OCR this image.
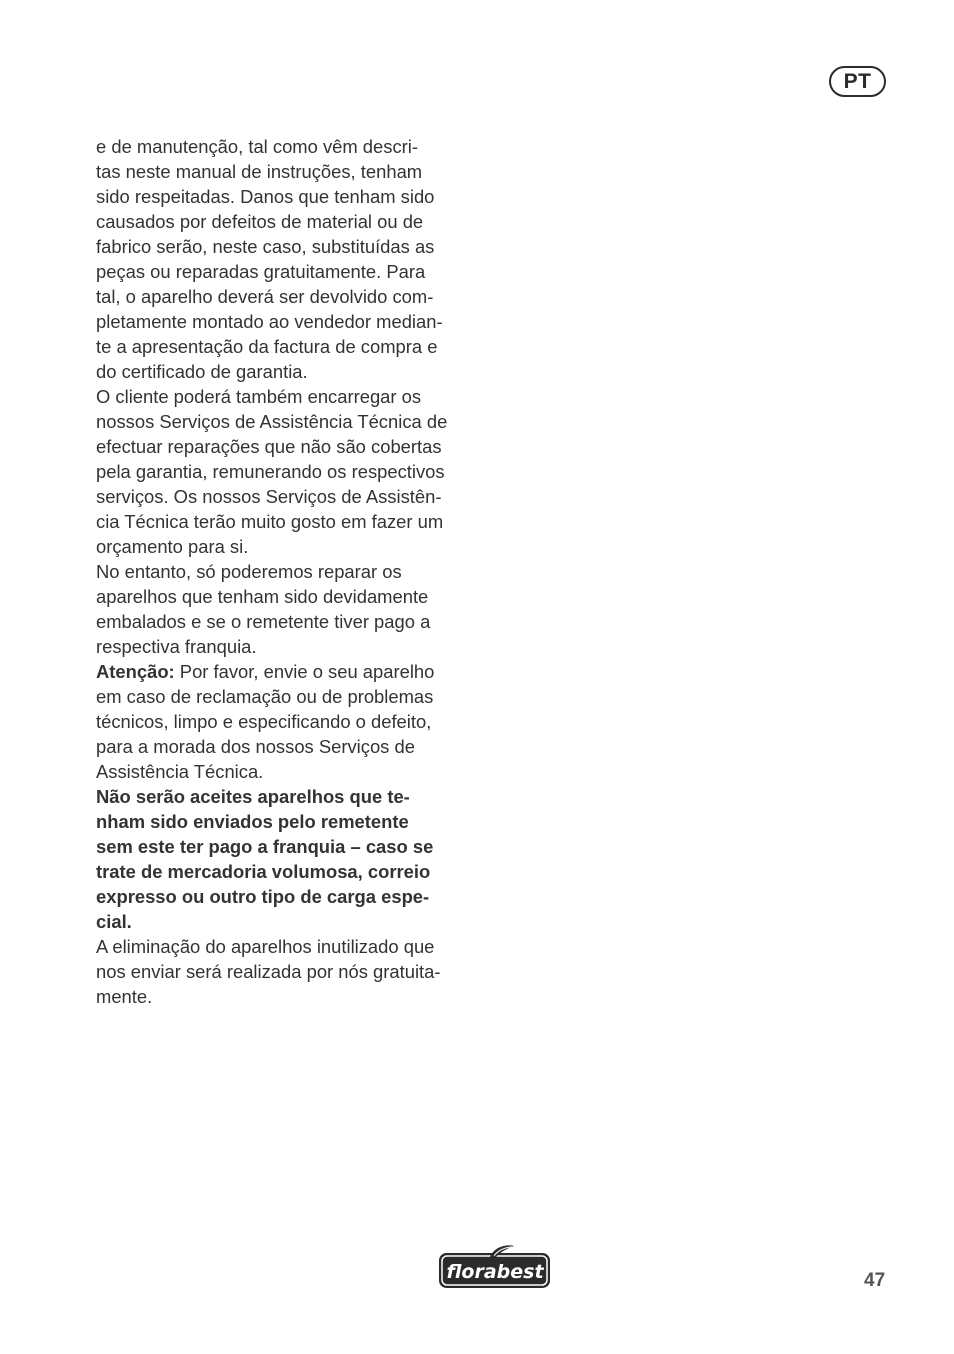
PT
e de manutenção, tal como vêm descri-
tas neste manual de instruções, tenham
sido respeitadas. Danos que tenham sido
causados por defeitos de material ou de
fabrico serão, neste caso, substituídas as
peças ou reparadas gratuitamente. Para
tal, o aparelho deverá ser devolvido com-
pletamente montado ao vendedor median-
te a apresentação da factura de compra e
do certificado de garantia.
O cliente poderá também encarregar os
nossos Serviços de Assistência Técnica de
efectuar reparações que não são cobertas
pela garantia, remunerando os respectivos
serviços. Os nossos Serviços de Assistên-
cia Técnica terão muito gosto em fazer um
orçamento para si.
No entanto, só poderemos reparar os
aparelhos que tenham sido devidamente
embalados e se o remetente tiver pago a
respectiva franquia.
Atenção: Por favor, envie o seu aparelho
em caso de reclamação ou de problemas
técnicos, limpo e especificando o defeito,
para a morada dos nossos Serviços de
Assistência Técnica.
Não serão aceites aparelhos que te-
nham sido enviados pelo remetente
sem este ter pago a franquia – caso se
trate de mercadoria volumosa, correio
expresso ou outro tipo de carga espe-
cial.
A eliminação do aparelhos inutilizado que
nos enviar será realizada por nós gratuita-
mente.
florabest	47
